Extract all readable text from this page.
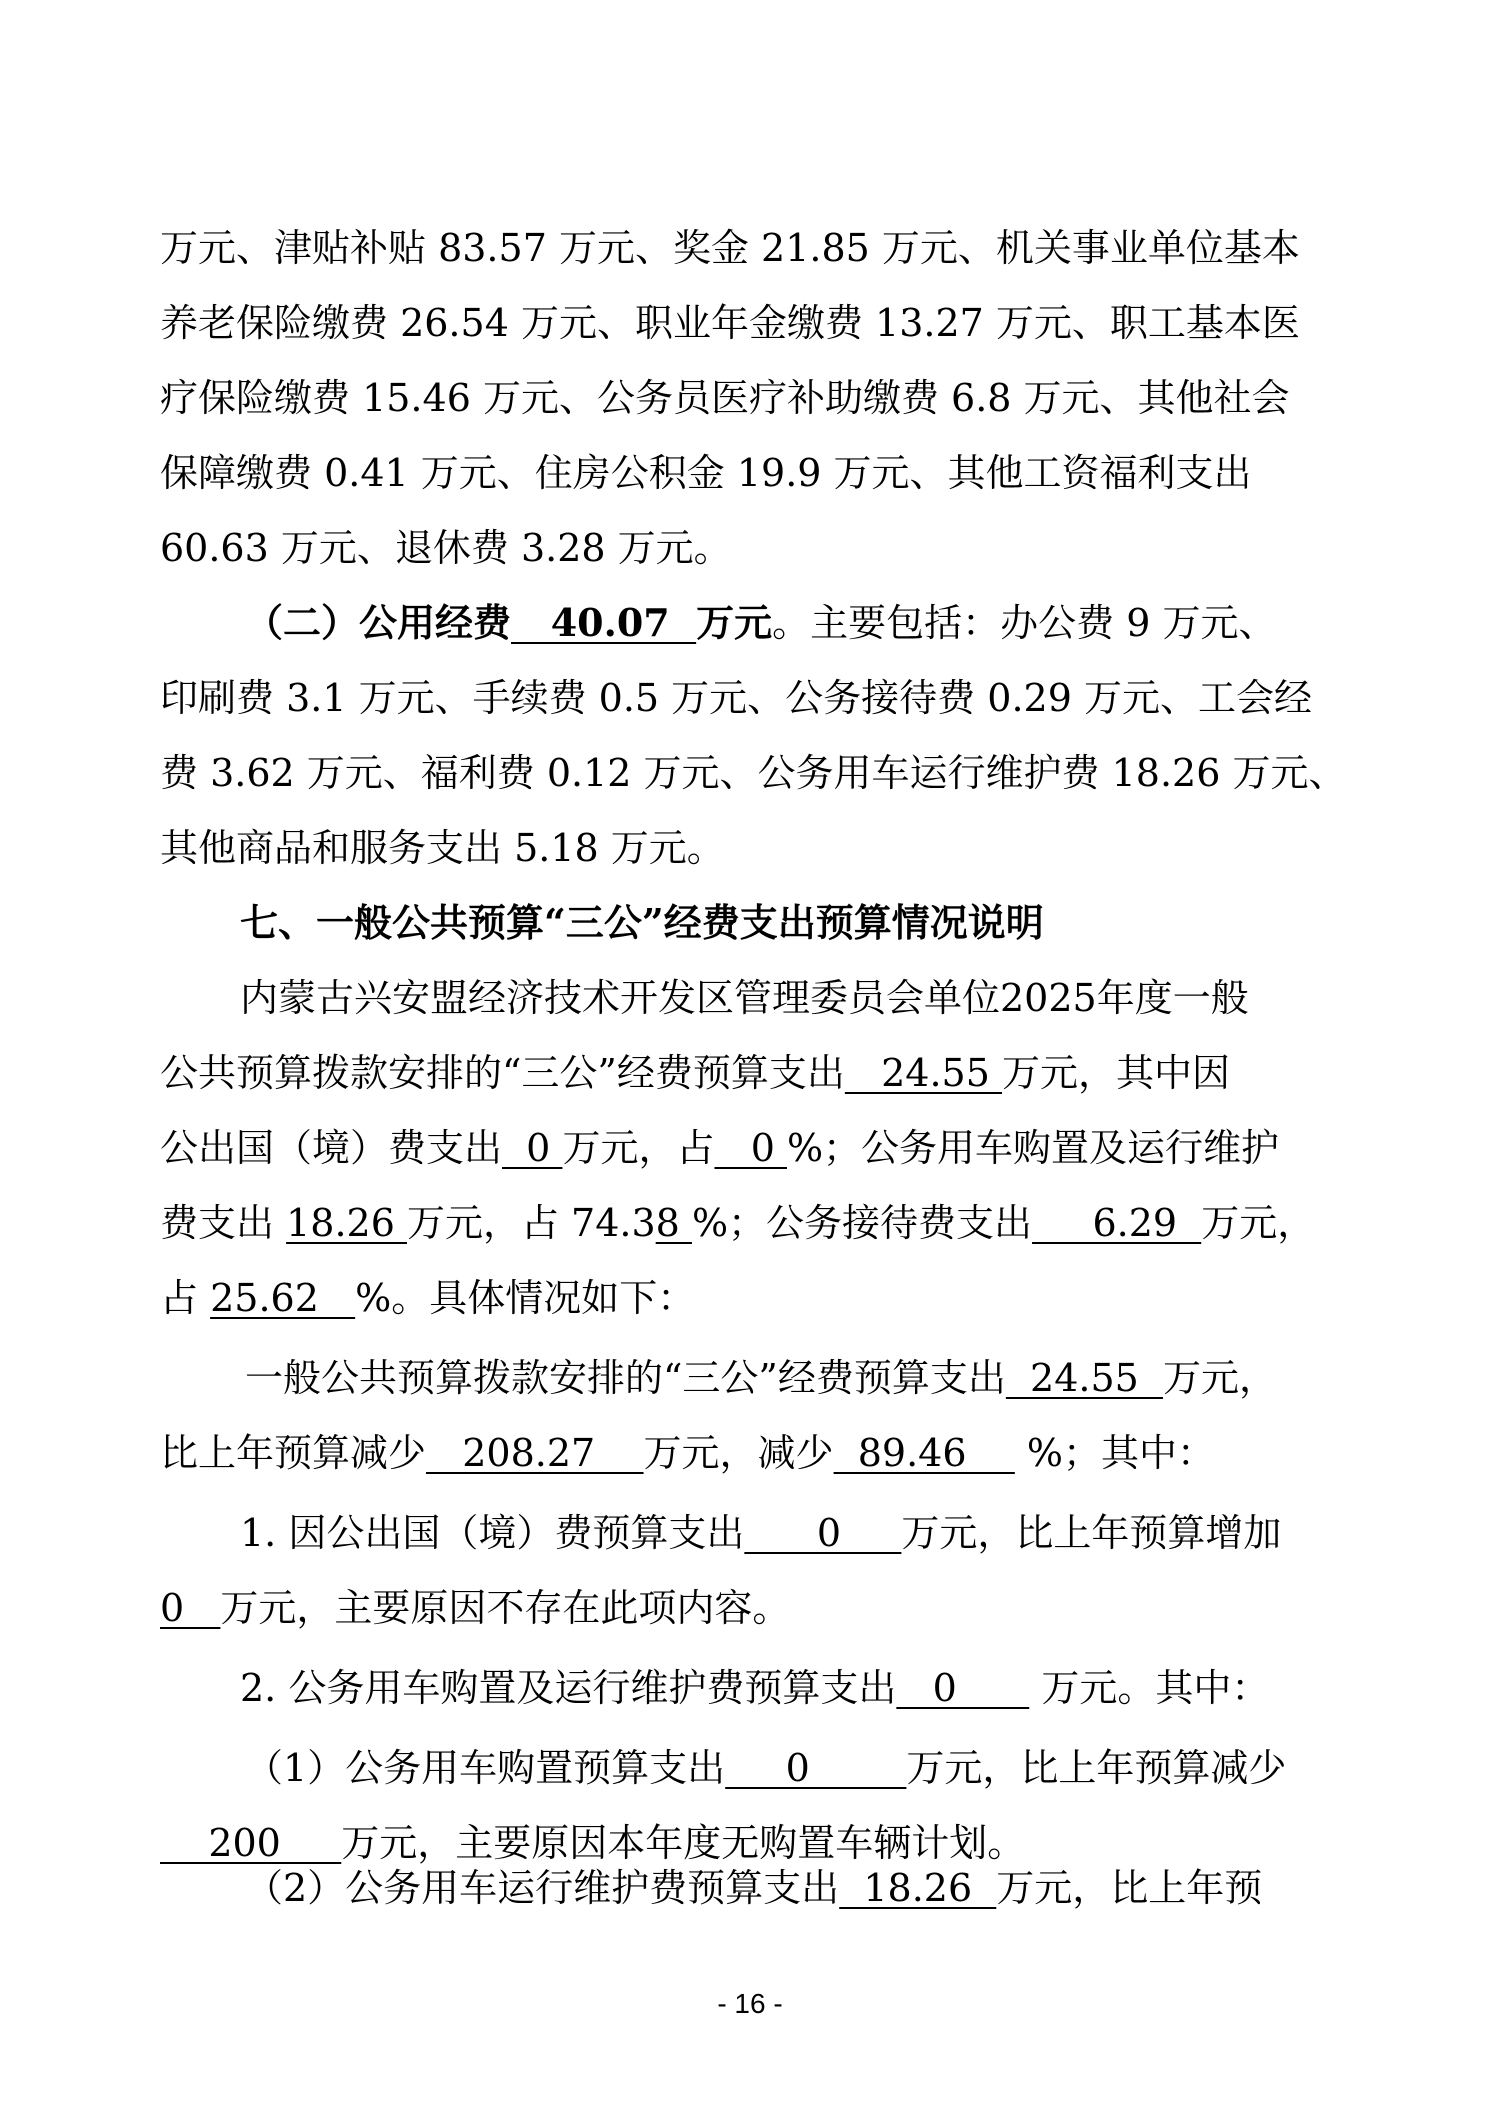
万元、津贴补贴 83.57 万元、奖金 21.85 万元、机关事业单位基本
养老保险缴费 26.54 万元、职业年金缴费 13.27 万元、职工基本医
疗保险缴费 15.46 万元、公务员医疗补助缴费 6.8 万元、其他社会
保障缴费 0.41 万元、住房公积金 19.9 万元、其他工资福利支出
60.63 万元、退休费 3.28 万元。
（二）公用经费   40.07  万元。主要包括：办公费 9 万元、
印刷费 3.1 万元、手续费 0.5 万元、公务接待费 0.29 万元、工会经
费 3.62 万元、福利费 0.12 万元、公务用车运行维护费 18.26 万元、
其他商品和服务支出 5.18 万元。
七、一般公共预算“三公”经费支出预算情况说明
内蒙古兴安盟经济技术开发区管理委员会单位2025年度一般
公共预算拨款安排的“三公”经费预算支出   24.55 万元，其中因
公出国（境）费支出  0 万元，占   0 %；公务用车购置及运行维护
费支出 18.26 万元，占 74.38 %；公务接待费支出     6.29  万元，
占 25.62   %。具体情况如下：
一般公共预算拨款安排的“三公”经费预算支出  24.55  万元，
比上年预算减少   208.27    万元，减少  89.46     %；其中：
1. 因公出国（境）费预算支出      0     万元，比上年预算增加
0   万元，主要原因不存在此项内容。
2. 公务用车购置及运行维护费预算支出   0       万元。其中：
（1）公务用车购置预算支出     0        万元，比上年预算减少
200     万元，主要原因本年度无购置车辆计划。
（2）公务用车运行维护费预算支出  18.26  万元，比上年预
- 16 -
